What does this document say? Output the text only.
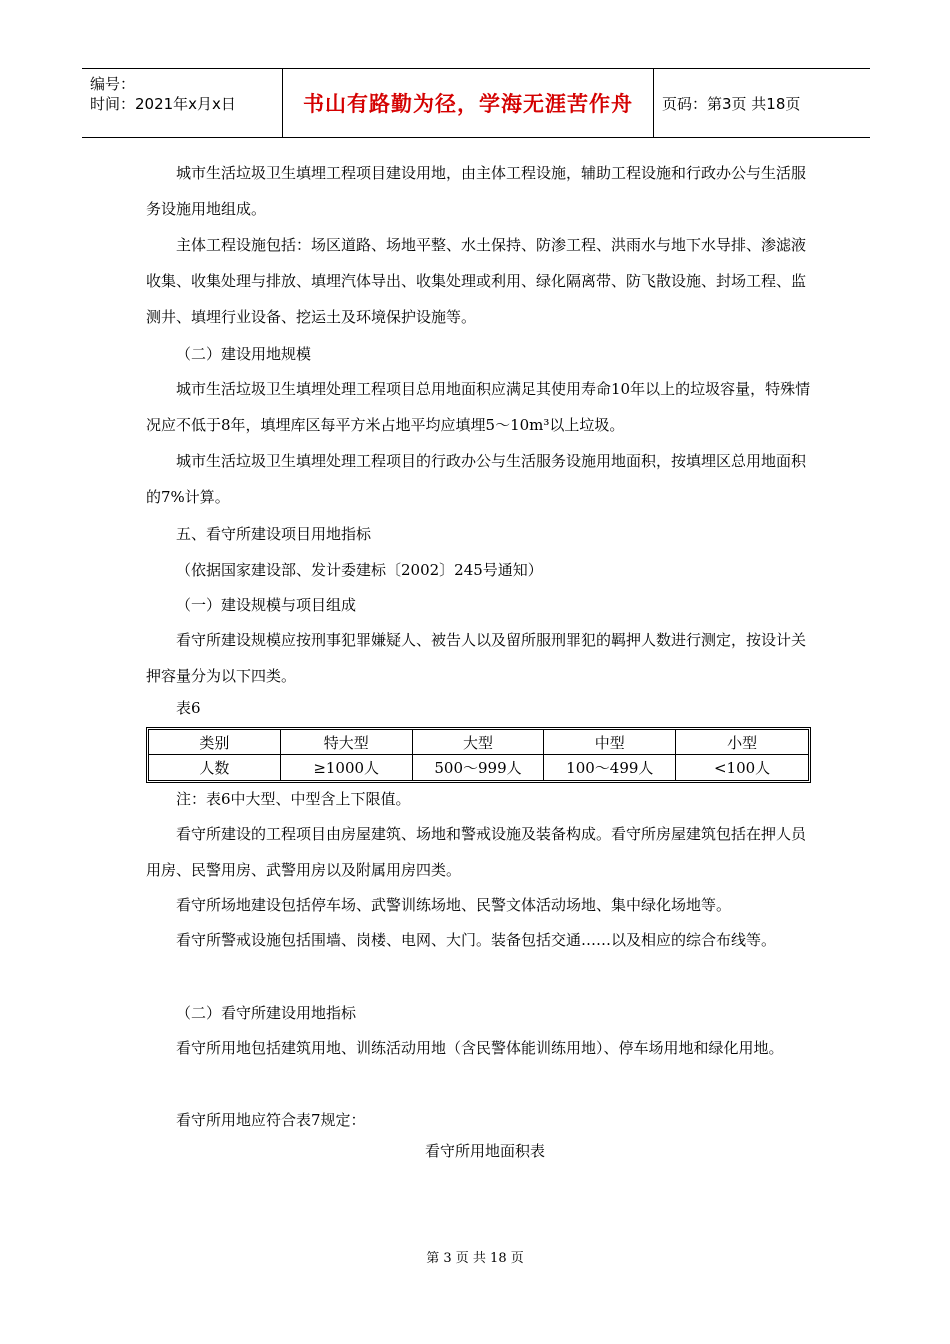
编号：
时间：2021年x月x日	书山有路勤为径，学海无涯苦作舟 页码：第3页 共18页
城市生活垃圾卫生填埋工程项目建设用地，由主体工程设施，辅助工程设施和行政办公与生活服务设施用地组成。
主体工程设施包括：场区道路、场地平整、水土保持、防渗工程、洪雨水与地下水导排、渗滤液收集、收集处理与排放、填埋汽体导出、收集处理或利用、绿化隔离带、防飞散设施、封场工程、监测井、填埋行业设备、挖运土及环境保护设施等。
（二）建设用地规模
城市生活垃圾卫生填埋处理工程项目总用地面积应满足其使用寿命10年以上的垃圾容量，特殊情况应不低于8年，填埋库区每平方米占地平均应填埋5～10m³以上垃圾。
城市生活垃圾卫生填埋处理工程项目的行政办公与生活服务设施用地面积，按填埋区总用地面积的7%计算。
五、看守所建设项目用地指标
（依据国家建设部、发计委建标〔2002〕245号通知）
（一）建设规模与项目组成
看守所建设规模应按刑事犯罪嫌疑人、被告人以及留所服刑罪犯的羁押人数进行测定，按设计关押容量分为以下四类。
表6
类别	特大型	大型	中型	小型
人数	≥1000人	500～999人	100～499人	<100人
注：表6中大型、中型含上下限值。
看守所建设的工程项目由房屋建筑、场地和警戒设施及装备构成。看守所房屋建筑包括在押人员用房、民警用房、武警用房以及附属用房四类。
看守所场地建设包括停车场、武警训练场地、民警文体活动场地、集中绿化场地等。
看守所警戒设施包括围墙、岗楼、电网、大门。装备包括交通……以及相应的综合布线等。
（二）看守所建设用地指标
看守所用地包括建筑用地、训练活动用地（含民警体能训练用地）、停车场用地和绿化用地。
看守所用地应符合表7规定：
看守所用地面积表
第 3 页 共 18 页
